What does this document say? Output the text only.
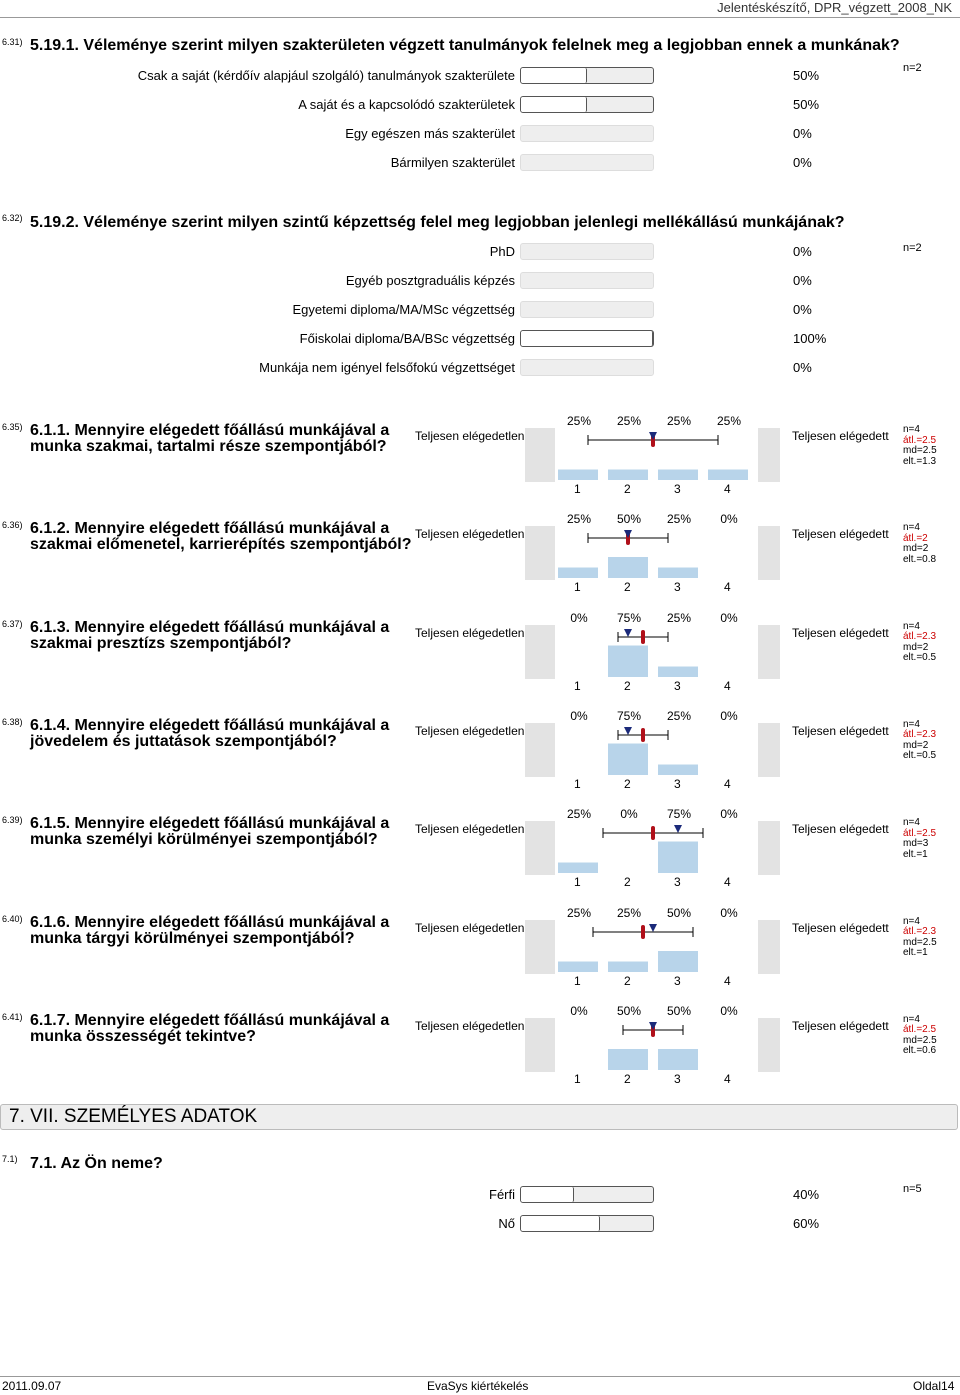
Jelentéskészítő, DPR_végzett_2008_NK
6.31) 5.19.1. Véleménye szerint milyen szakterületen végzett tanulmányok felelnek meg a legjobban ennek a munkának?
n=2
Csak a saját (kérdőív alapjául szolgáló) tanulmányok szakterülete	50%
A saját és a kapcsolódó szakterületek	50%
Egy egészen más szakterület	0%
Bármilyen szakterület	0%
6.32) 5.19.2. Véleménye szerint milyen szintű képzettség felel meg legjobban jelenlegi mellékállású munkájának?
n=2
PhD	0%
Egyéb posztgraduális képzés	0%
Egyetemi diploma/MA/MSc végzettség	0%
Főiskolai diploma/BA/BSc végzettség	100%
Munkája nem igényel felsőfokú végzettséget	0%
6.35) 6.1.1. Mennyire elégedett főállású munkájával a
munka szakmai, tartalmi része szempontjából?
Teljesen elégedetlen	Teljesen elégedett
25% 25% 25% 25%
1	2	3	4
n=4
átl.=2.5
md=2.5
elt.=1.3
6.36) 6.1.2. Mennyire elégedett főállású munkájával a
szakmai előmenetel, karrierépítés szempontjából?
Teljesen elégedetlen	Teljesen elégedett
25% 50% 25%	0%
1	2	3	4
n=4
átl.=2
md=2
elt.=0.8
6.37) 6.1.3. Mennyire elégedett főállású munkájával a
szakmai presztízs szempontjából?
Teljesen elégedetlen	Teljesen elégedett
0%	75% 25%	0%
1	2	3	4
n=4
átl.=2.3
md=2
elt.=0.5
6.38) 6.1.4. Mennyire elégedett főállású munkájával a
jövedelem és juttatások szempontjából?
Teljesen elégedetlen	Teljesen elégedett
0%	75% 25%	0%
1	2	3	4
n=4
átl.=2.3
md=2
elt.=0.5
6.39) 6.1.5. Mennyire elégedett főállású munkájával a
munka személyi körülményei szempontjából?
Teljesen elégedetlen	Teljesen elégedett
25%	0%	75%	0%
1	2	3	4
n=4
átl.=2.5
md=3
elt.=1
6.40) 6.1.6. Mennyire elégedett főállású munkájával a
munka tárgyi körülményei szempontjából?
Teljesen elégedetlen	Teljesen elégedett
25% 25% 50%	0%
1	2	3	4
n=4
átl.=2.3
md=2.5
elt.=1
6.41) 6.1.7. Mennyire elégedett főállású munkájával a
munka összességét tekintve?
Teljesen elégedetlen	Teljesen elégedett
0%	50% 50%	0%
1	2	3	4
n=4
átl.=2.5
md=2.5
elt.=0.6
7. VII. SZEMÉLYES ADATOK
7.1) 7.1. Az Ön neme?
n=5
Férfi	40%
Nő	60%
2011.09.07	EvaSys kiértékelés	Oldal14
